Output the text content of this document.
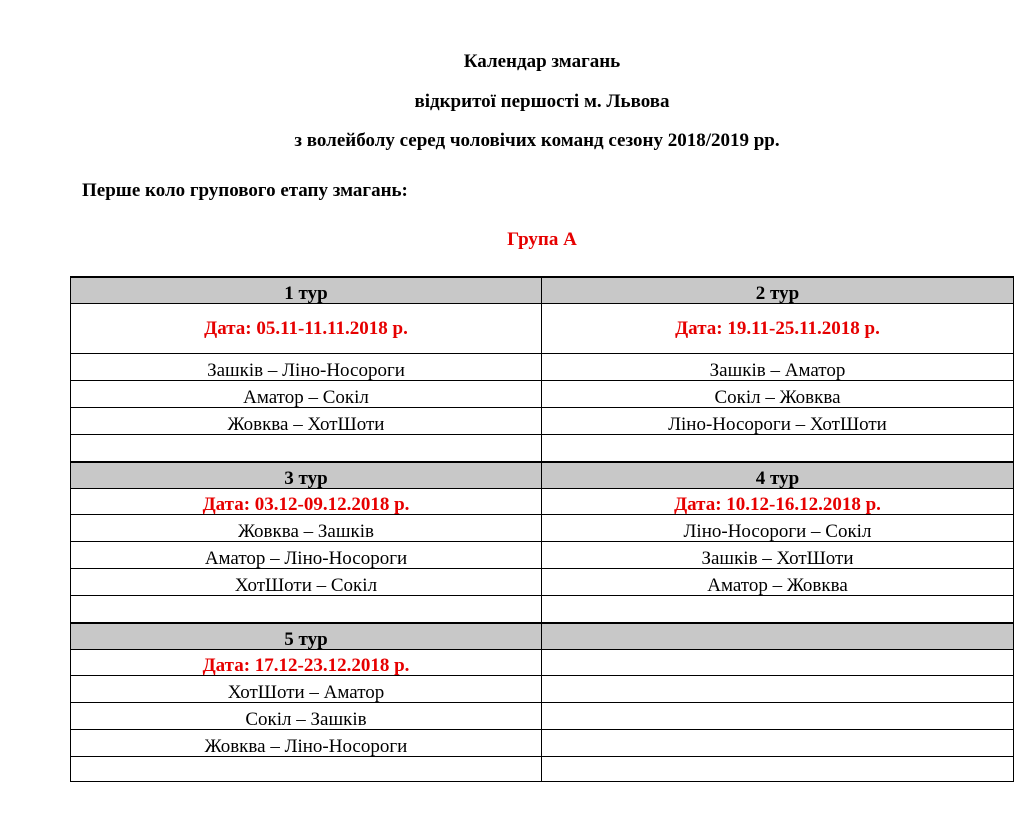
Календар змагань
відкритої першості м. Львова
з волейболу серед чоловічих команд сезону 2018/2019 рр.
Перше коло групового етапу змагань:
Група А
1 тур	2 тур
Дата: 05.11-11.11.2018 р.	Дата: 19.11-25.11.2018 р.
Зашків – Ліно-Носороги	Зашків – Аматор
Аматор – Сокіл	Сокіл – Жовква
Жовква – ХотШоти	Ліно-Носороги – ХотШоти

3 тур	4 тур
Дата: 03.12-09.12.2018 р.	Дата: 10.12-16.12.2018 р.
Жовква – Зашків	Ліно-Носороги – Сокіл
Аматор – Ліно-Носороги	Зашків – ХотШоти
ХотШоти – Сокіл	Аматор – Жовква

5 тур	
Дата: 17.12-23.12.2018 р.	
ХотШоти – Аматор	
Сокіл – Зашків	
Жовква – Ліно-Носороги	
